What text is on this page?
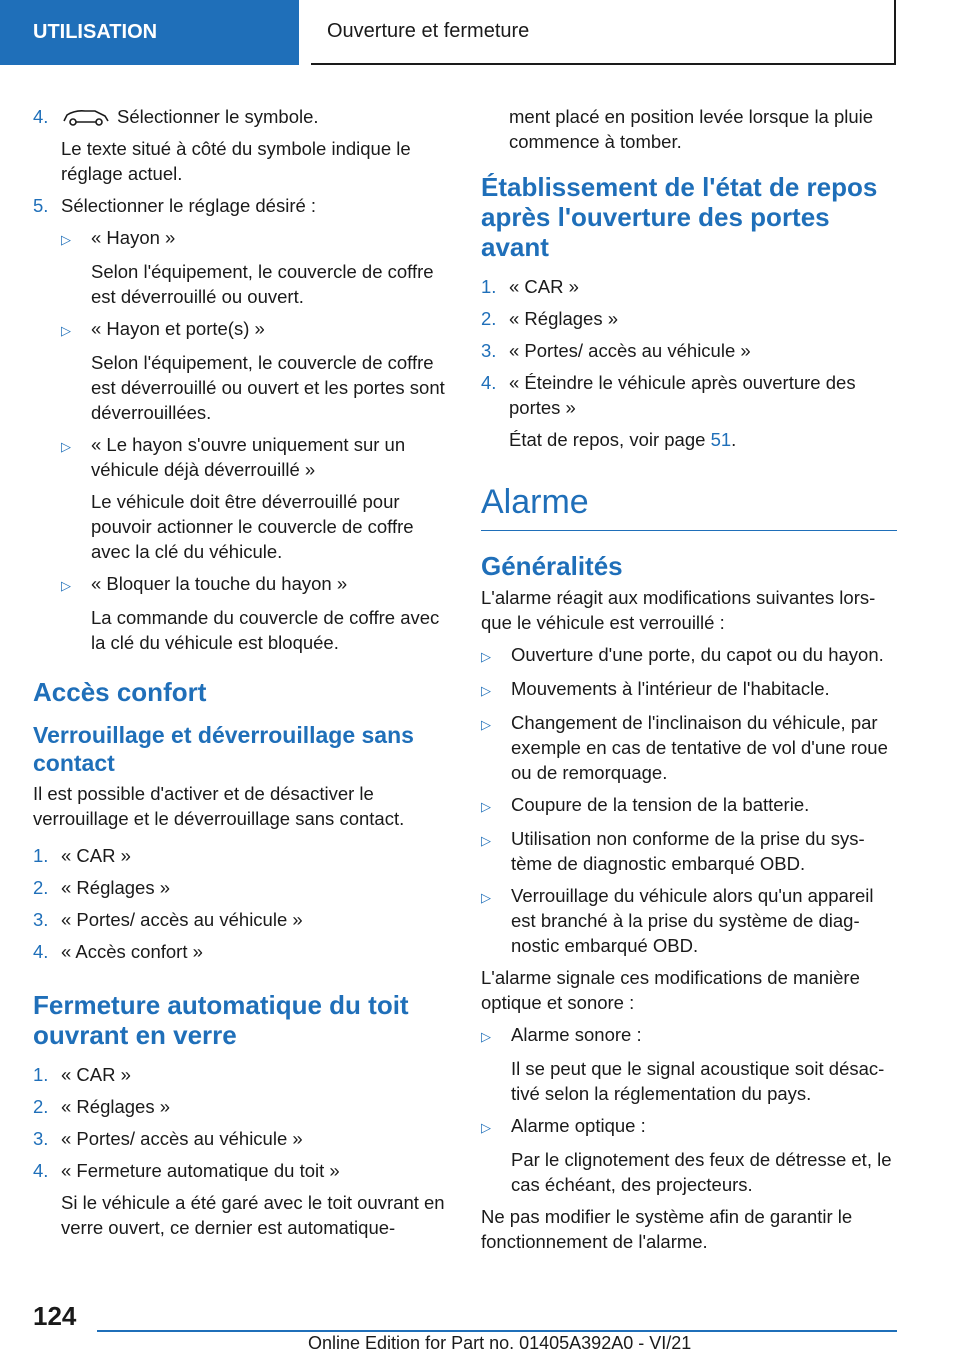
UTILISATION	Ouverture et fermeture
4.	Sélectionner le symbole.
Le texte situé à côté du symbole indique le réglage actuel.
5. Sélectionner le réglage désiré :
▷	« Hayon »
Selon l'équipement, le couvercle de coffre est déverrouillé ou ouvert.
▷	« Hayon et porte(s) »
Selon l'équipement, le couvercle de coffre est déverrouillé ou ouvert et les portes sont déverrouillées.
▷	« Le hayon s'ouvre uniquement sur un véhicule déjà déverrouillé »
Le véhicule doit être déverrouillé pour pouvoir actionner le couvercle de coffre avec la clé du véhicule.
▷	« Bloquer la touche du hayon »
La commande du couvercle de coffre avec la clé du véhicule est bloquée.
Accès confort
Verrouillage et déverrouillage sans contact
Il est possible d'activer et de désactiver le verrouillage et le déverrouillage sans contact.
1. « CAR »
2. « Réglages »
3. « Portes/ accès au véhicule »
4. « Accès confort »
Fermeture automatique du toit ouvrant en verre
1. « CAR »
2. « Réglages »
3. « Portes/ accès au véhicule »
4. « Fermeture automatique du toit »
Si le véhicule a été garé avec le toit ouvrant en verre ouvert, ce dernier est automatique-
ment placé en position levée lorsque la pluie commence à tomber.
Établissement de l'état de repos après l'ouverture des portes avant
1. « CAR »
2. « Réglages »
3. « Portes/ accès au véhicule »
4. « Éteindre le véhicule après ouverture des portes »
État de repos, voir page 51.
Alarme
Généralités
L'alarme réagit aux modifications suivantes lors- que le véhicule est verrouillé :
▷	Ouverture d'une porte, du capot ou du hayon.
▷	Mouvements à l'intérieur de l'habitacle.
▷	Changement de l'inclinaison du véhicule, par exemple en cas de tentative de vol d'une roue ou de remorquage.
▷	Coupure de la tension de la batterie.
▷	Utilisation non conforme de la prise du sys- tème de diagnostic embarqué OBD.
▷	Verrouillage du véhicule alors qu'un appareil est branché à la prise du système de diag- nostic embarqué OBD.
L'alarme signale ces modifications de manière optique et sonore :
▷	Alarme sonore :
Il se peut que le signal acoustique soit désac- tivé selon la réglementation du pays.
▷	Alarme optique :
Par le clignotement des feux de détresse et, le cas échéant, des projecteurs.
Ne pas modifier le système afin de garantir le fonctionnement de l'alarme.
124
Online Edition for Part no. 01405A392A0 - VI/21
